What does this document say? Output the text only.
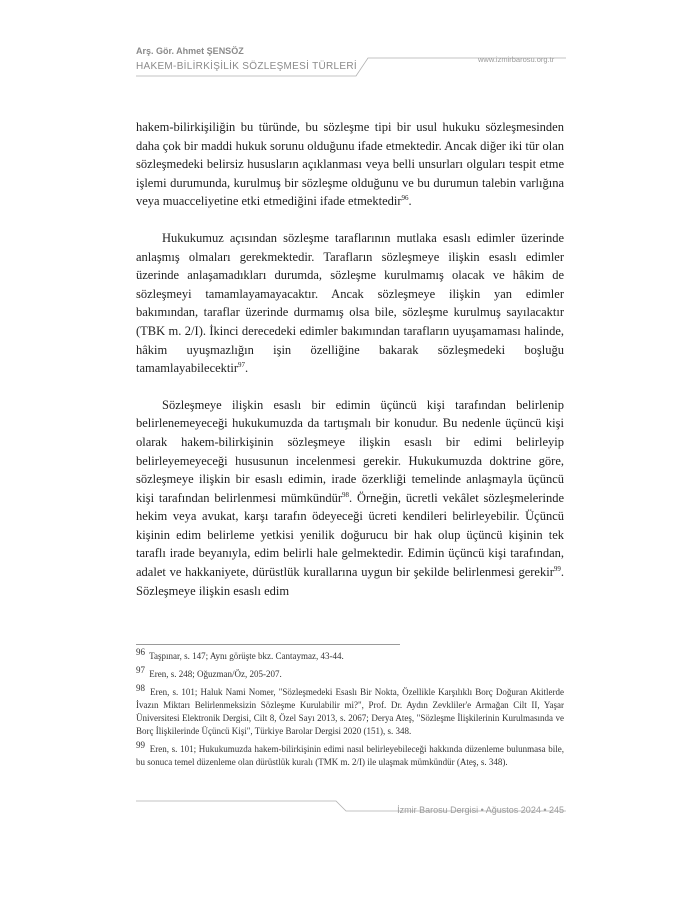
Arş. Gör. Ahmet ŞENSÖZ
HAKEM-BİLİRKİŞİLİK SÖZLEŞMESİ TÜRLERİ
www.izmirbarosu.org.tr

hakem-bilirkişiliğin bu türünde, bu sözleşme tipi bir usul hukuku sözleşmesinden daha çok bir maddi hukuk sorunu olduğunu ifade etmektedir. Ancak diğer iki tür olan sözleşmedeki belirsiz hususların açıklanması veya belli unsurları olguları tespit etme işlemi durumunda, kurulmuş bir sözleşme olduğunu ve bu durumun talebin varlığına veya muacceliyetine etki etmediğini ifade etmektedir$^{96}$.

Hukukumuz açısından sözleşme taraflarının mutlaka esaslı edimler üzerinde anlaşmış olmaları gerekmektedir. Tarafların sözleşmeye ilişkin esaslı edimler üzerinde anlaşamadıkları durumda, sözleşme kurulmamış olacak ve hâkim de sözleşmeyi tamamlayamayacaktır. Ancak sözleşmeye ilişkin yan edimler bakımından, taraflar üzerinde durmamış olsa bile, sözleşme kurulmuş sayılacaktır (TBK m. 2/I). İkinci derecedeki edimler bakımından tarafların uyuşamaması halinde, hâkim uyuşmazlığın işin özelliğine bakarak sözleşmedeki boşluğu tamamlayabilecektir$^{97}$.

Sözleşmeye ilişkin esaslı bir edimin üçüncü kişi tarafından belirlenip belirlenemeyeceği hukukumuzda da tartışmalı bir konudur. Bu nedenle üçüncü kişi olarak hakem-bilirkişinin sözleşmeye ilişkin esaslı bir edimi belirleyip belirleyemeyeceği hususunun incelenmesi gerekir. Hukukumuzda doktrine göre, sözleşmeye ilişkin bir esaslı edimin, irade özerkliği temelinde anlaşmayla üçüncü kişi tarafından belirlenmesi mümkündür$^{98}$. Örneğin, ücretli vekâlet sözleşmelerinde hekim veya avukat, karşı tarafın ödeyeceği ücreti kendileri belirleyebilir. Üçüncü kişinin edim belirleme yetkisi yenilik doğurucu bir hak olup üçüncü kişinin tek taraflı irade beyanıyla, edim belirli hale gelmektedir. Edimin üçüncü kişi tarafından, adalet ve hakkaniyete, dürüstlük kurallarına uygun bir şekilde belirlenmesi gerekir$^{99}$. Sözleşmeye ilişkin esaslı edim

$^{96}$ Taşpınar, s. 147; Aynı görüşte bkz. Cantaymaz, 43-44.
$^{97}$ Eren, s. 248; Oğuzman/Öz, 205-207.
$^{98}$ Eren, s. 101; Haluk Nami Nomer, "Sözleşmedeki Esaslı Bir Nokta, Özellikle Karşılıklı Borç Doğuran Akitlerde İvazın Miktarı Belirlenmeksizin Sözleşme Kurulabilir mi?", Prof. Dr. Aydın Zevkliler'e Armağan Cilt II, Yaşar Üniversitesi Elektronik Dergisi, Cilt 8, Özel Sayı 2013, s. 2067; Derya Ateş, "Sözleşme İlişkilerinin Kurulmasında ve Borç İlişkilerinde Üçüncü Kişi", Türkiye Barolar Dergisi 2020 (151), s. 348.
$^{99}$ Eren, s. 101; Hukukumuzda hakem-bilirkişinin edimi nasıl belirleyebileceği hakkında düzenleme bulunmasa bile, bu sonuca temel düzenleme olan dürüstlük kuralı (TMK m. 2/I) ile ulaşmak mümkündür (Ateş, s. 348).
İzmir Barosu Dergisi • Ağustos 2024 • 245
